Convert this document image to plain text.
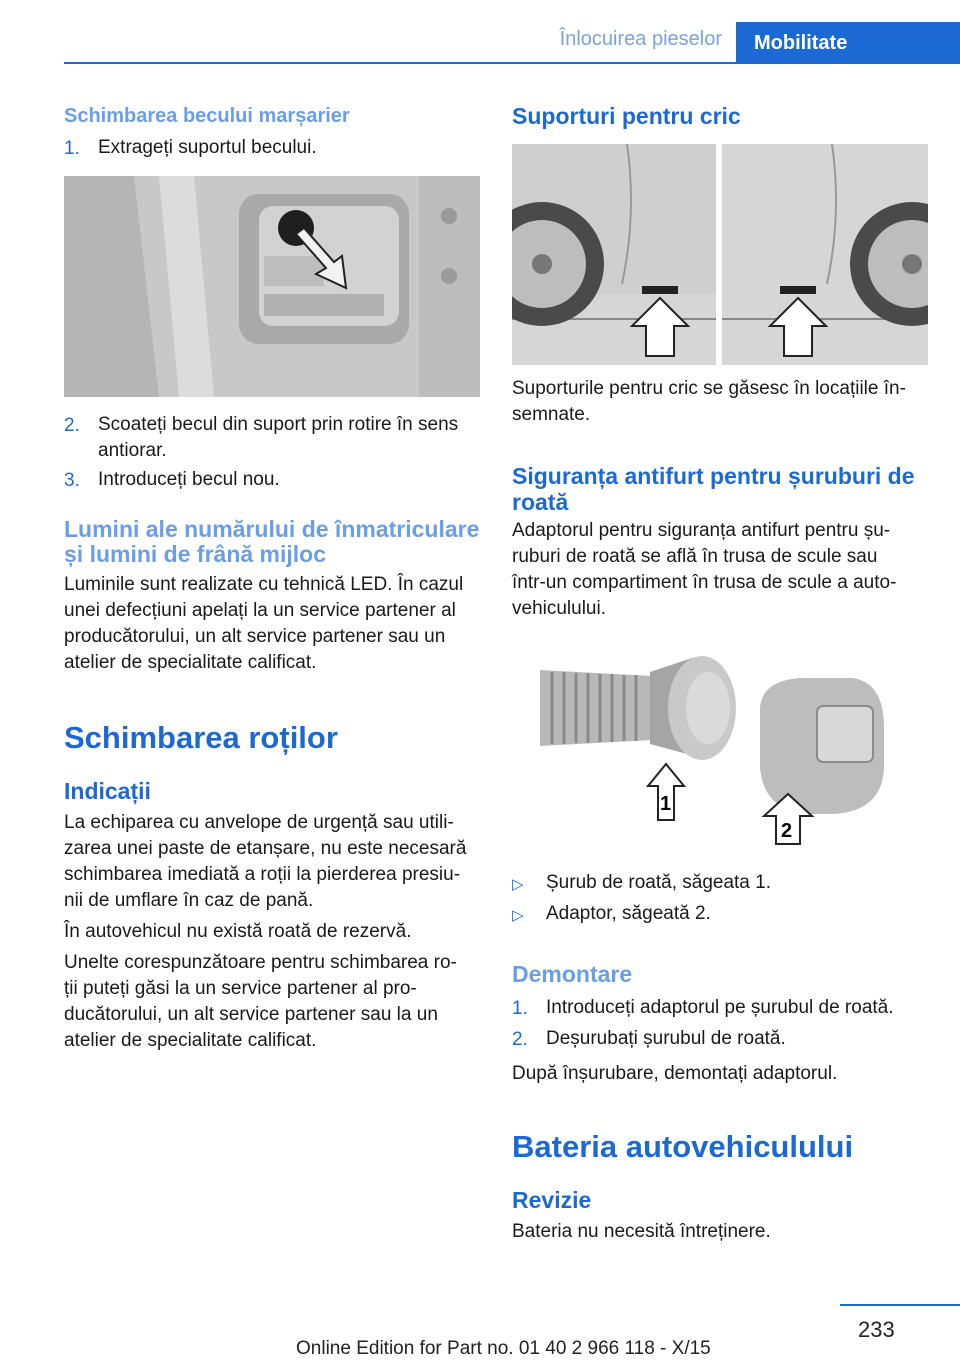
Înlocuirea pieselor	Mobilitate
Schimbarea becului marșarier
1. Extrageți suportul becului.
2. Scoateți becul din suport prin rotire în sens
antiorar.
3. Introduceți becul nou.
Lumini ale numărului de înmatriculare
și lumini de frână mijloc
Luminile sunt realizate cu tehnică LED. În cazul
unei defecțiuni apelați la un service partener al
producătorului, un alt service partener sau un
atelier de specialitate calificat.
Schimbarea roților
Indicații
La echiparea cu anvelope de urgență sau utili-
zarea unei paste de etanșare, nu este necesară
schimbarea imediată a roții la pierderea presiu-
nii de umflare în caz de pană.
În autovehicul nu există roată de rezervă.
Unelte corespunzătoare pentru schimbarea ro-
ții puteți găsi la un service partener al pro-
ducătorului, un alt service partener sau la un
atelier de specialitate calificat.
Suporturi pentru cric
Suporturile pentru cric se găsesc în locațiile în-
semnate.
Siguranța antifurt pentru șuruburi de
roată
Adaptorul pentru siguranța antifurt pentru șu-
ruburi de roată se află în trusa de scule sau
într-un compartiment în trusa de scule a auto-
vehiculului.
1
2
▷ Șurub de roată, săgeata 1.
▷ Adaptor, săgeată 2.
Demontare
1. Introduceți adaptorul pe șurubul de roată.
2. Deșurubați șurubul de roată.
După înșurubare, demontați adaptorul.
Bateria autovehiculului
Revizie
Bateria nu necesită întreținere.
233
Online Edition for Part no. 01 40 2 966 118 - X/15
